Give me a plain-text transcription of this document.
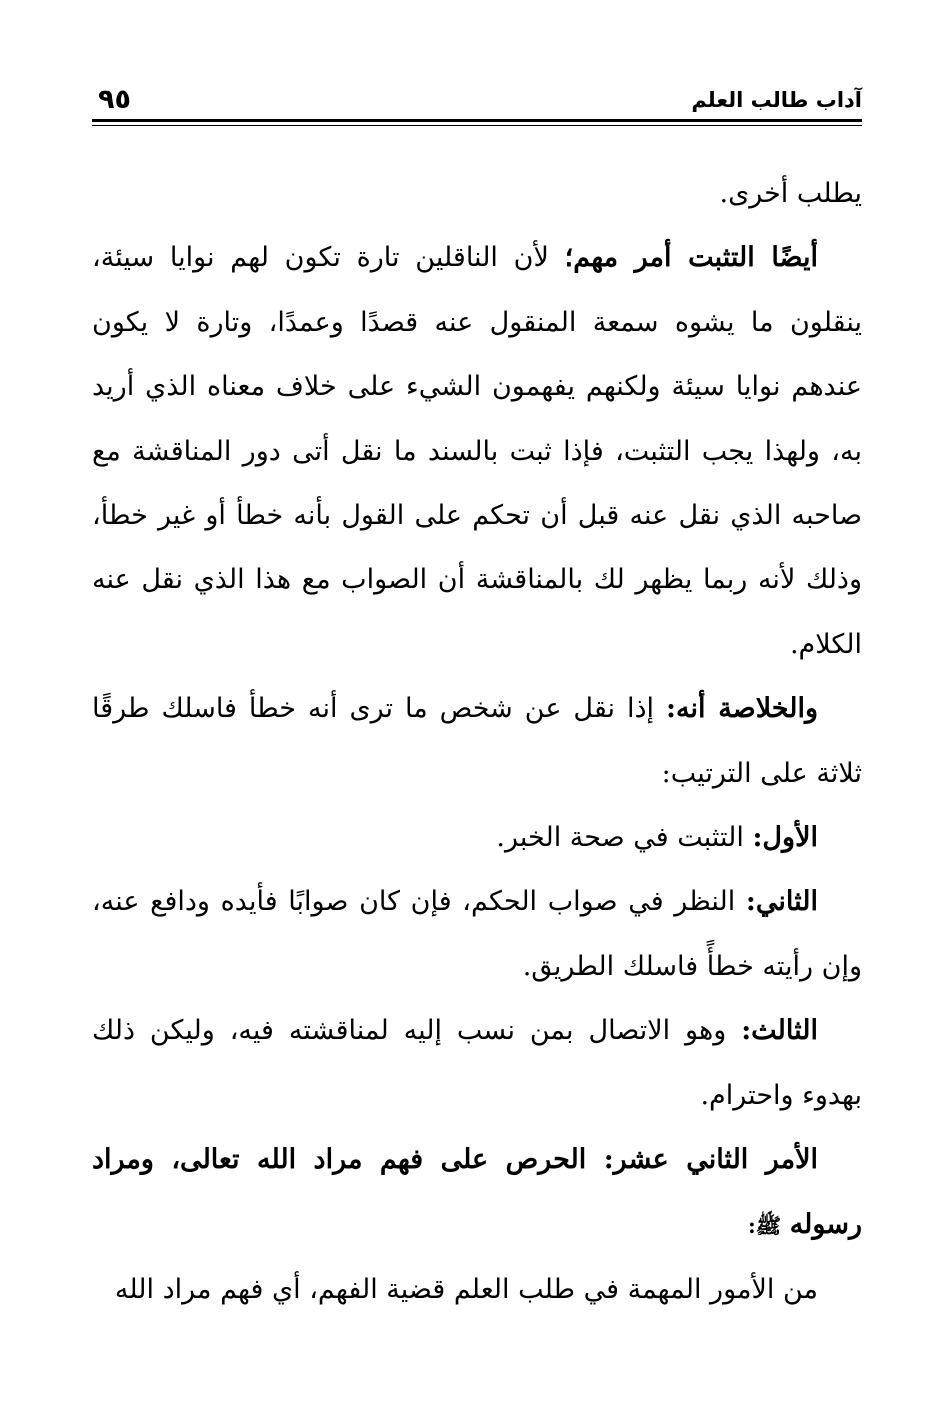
آداب طالب العلم
٩٥

يطلب أخرى.

أيضًا التثبت أمر مهم؛ لأن الناقلين تارة تكون لهم نوايا سيئة، ينقلون ما يشوه سمعة المنقول عنه قصدًا وعمدًا، وتارة لا يكون عندهم نوايا سيئة ولكنهم يفهمون الشيء على خلاف معناه الذي أريد به، ولهذا يجب التثبت، فإذا ثبت بالسند ما نقل أتى دور المناقشة مع صاحبه الذي نقل عنه قبل أن تحكم على القول بأنه خطأ أو غير خطأ، وذلك لأنه ربما يظهر لك بالمناقشة أن الصواب مع هذا الذي نقل عنه الكلام.

والخلاصة أنه: إذا نقل عن شخص ما ترى أنه خطأ فاسلك طرقًا ثلاثة على الترتيب:

الأول: التثبت في صحة الخبر.

الثاني: النظر في صواب الحكم، فإن كان صوابًا فأيده ودافع عنه، وإن رأيته خطأً فاسلك الطريق.

الثالث: وهو الاتصال بمن نسب إليه لمناقشته فيه، وليكن ذلك بهدوء واحترام.

الأمر الثاني عشر: الحرص على فهم مراد الله تعالى، ومراد رسوله ﷺ:

من الأمور المهمة في طلب العلم قضية الفهم، أي فهم مراد الله
